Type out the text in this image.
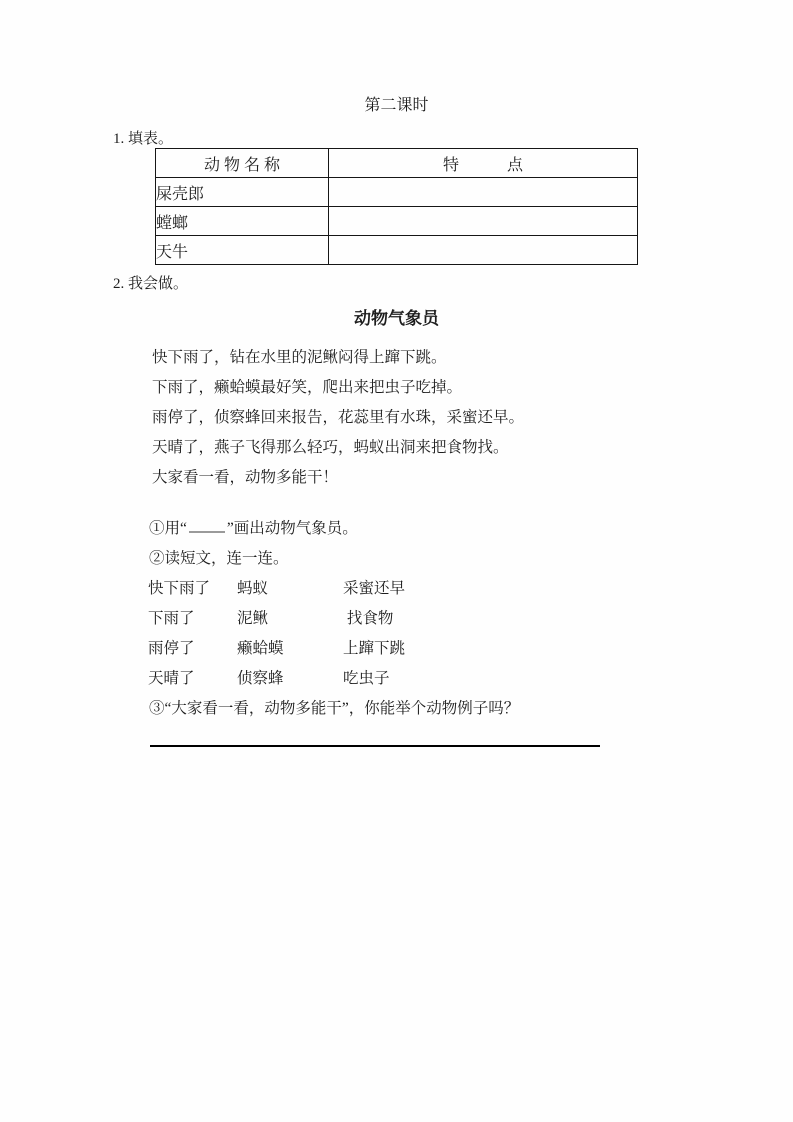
第二课时
1. 填表。
动 物 名 称	特　　　点
屎壳郎	
螳螂	
天牛	
2. 我会做。
动物气象员
快下雨了，钻在水里的泥鳅闷得上蹿下跳。
下雨了，癞蛤蟆最好笑，爬出来把虫子吃掉。
雨停了，侦察蜂回来报告，花蕊里有水珠，采蜜还早。
天晴了，燕子飞得那么轻巧，蚂蚁出洞来把食物找。
大家看一看，动物多能干！
①用“	”画出动物气象员。
②读短文，连一连。
快下雨了	蚂蚁	采蜜还早
下雨了	泥鳅	找食物
雨停了	癞蛤蟆	上蹿下跳
天晴了	侦察蜂	吃虫子
③“大家看一看，动物多能干”，你能举个动物例子吗？
